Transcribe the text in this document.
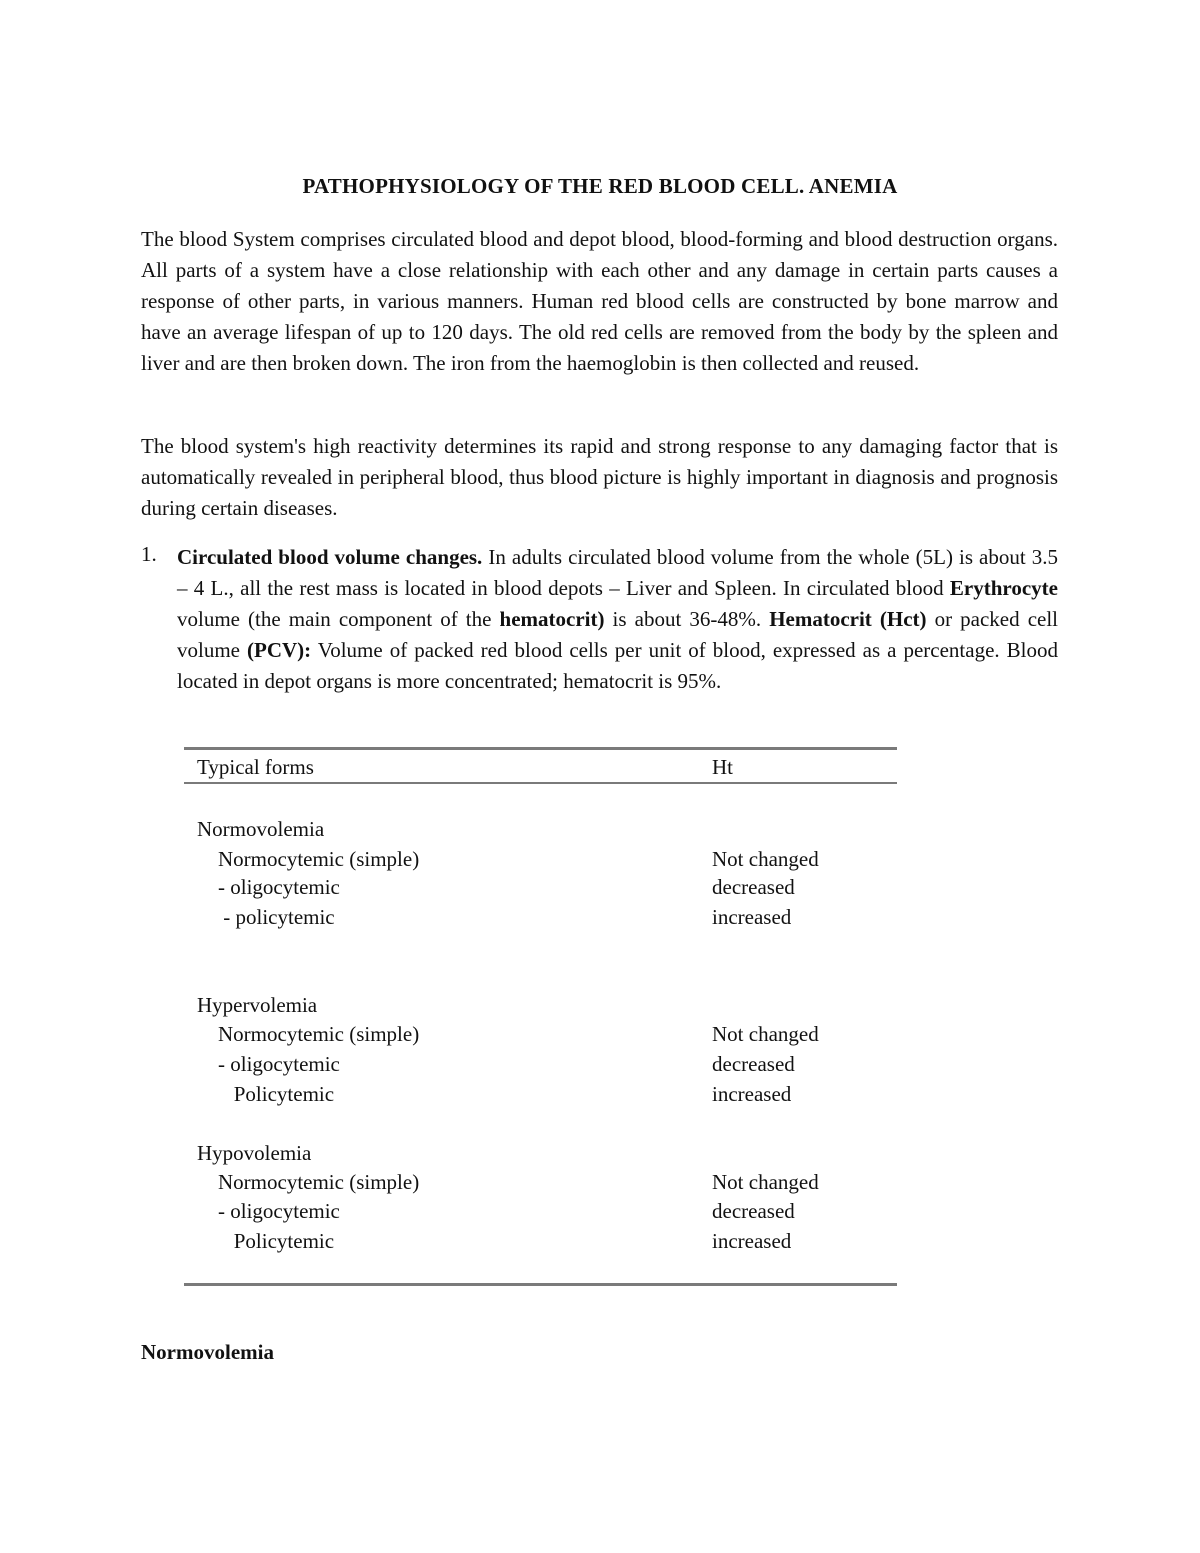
PATHOPHYSIOLOGY OF THE RED BLOOD CELL. ANEMIA

The blood System comprises circulated blood and depot blood, blood-forming and blood destruction organs. All parts of a system have a close relationship with each other and any damage in certain parts causes a response of other parts, in various manners. Human red blood cells are constructed by bone marrow and have an average lifespan of up to 120 days. The old red cells are removed from the body by the spleen and liver and are then broken down. The iron from the haemoglobin is then collected and reused.

The blood system's high reactivity determines its rapid and strong response to any damaging factor that is automatically revealed in peripheral blood, thus blood picture is highly important in diagnosis and prognosis during certain diseases.

1. Circulated blood volume changes. In adults circulated blood volume from the whole (5L) is about 3.5 – 4 L., all the rest mass is located in blood depots – Liver and Spleen. In circulated blood Erythrocyte volume (the main component of the hematocrit) is about 36-48%. Hematocrit (Hct) or packed cell volume (PCV): Volume of packed red blood cells per unit of blood, expressed as a percentage. Blood located in depot organs is more concentrated; hematocrit is 95%.

Typical forms	Ht
Normovolemia
Normocytemic (simple)	Not changed
- oligocytemic	decreased
- policytemic	increased
Hypervolemia
Normocytemic (simple)	Not changed
- oligocytemic	decreased
Policytemic	increased
Hypovolemia
Normocytemic (simple)	Not changed
- oligocytemic	decreased
Policytemic	increased
Normovolemia
